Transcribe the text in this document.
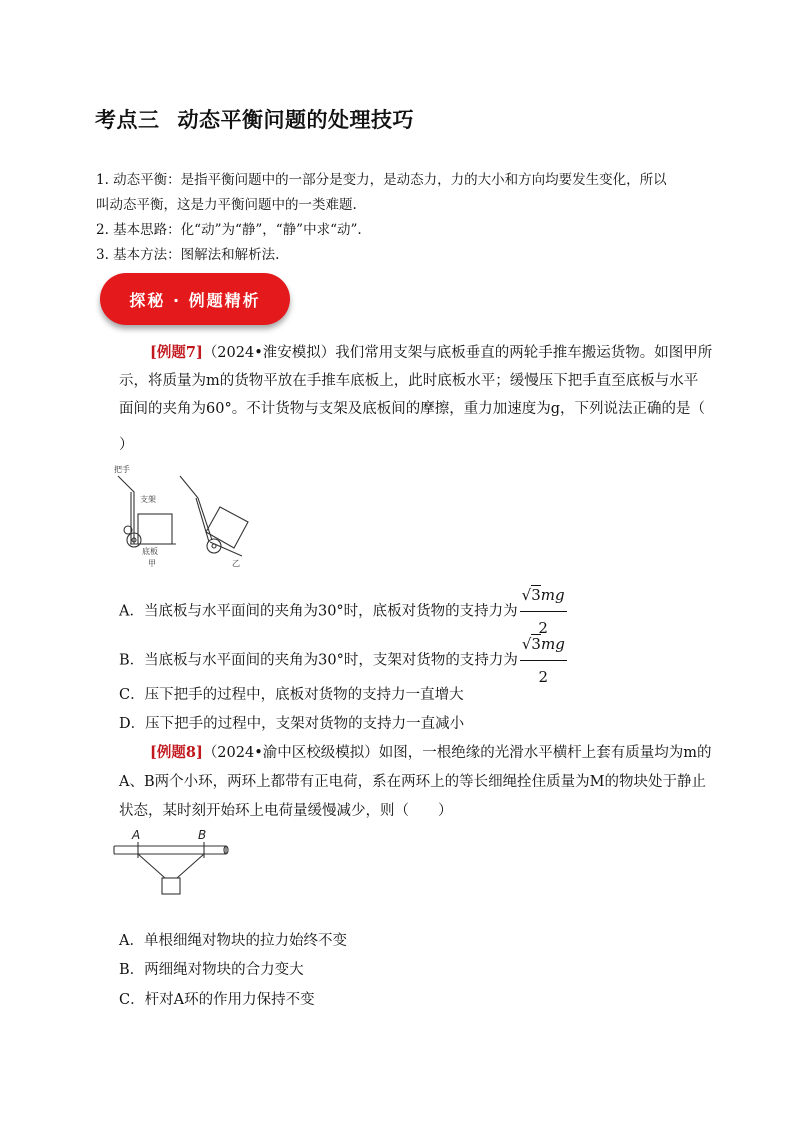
考点三 动态平衡问题的处理技巧
1. 动态平衡：是指平衡问题中的一部分是变力，是动态力，力的大小和方向均要发生变化，所以
叫动态平衡，这是力平衡问题中的一类难题.
2. 基本思路：化“动”为“静”，“静”中求“动”.
3. 基本方法：图解法和解析法.
探秘 · 例题精析
[例题7]（2024•淮安模拟）我们常用支架与底板垂直的两轮手推车搬运货物。如图甲所
示，将质量为m的货物平放在手推车底板上，此时底板水平；缓慢压下把手直至底板与水平
面间的夹角为60°。不计货物与支架及底板间的摩擦，重力加速度为g，下列说法正确的是（
）
把手
支架
底板
甲	乙
A．当底板与水平面间的夹角为30°时，底板对货物的支持力为 $\frac{√3mg}{2}$
B．当底板与水平面间的夹角为30°时，支架对货物的支持力为 $\frac{√3mg}{2}$
C．压下把手的过程中，底板对货物的支持力一直增大
D．压下把手的过程中，支架对货物的支持力一直减小
[例题8]（2024•渝中区校级模拟）如图，一根绝缘的光滑水平横杆上套有质量均为m的
A、B两个小环，两环上都带有正电荷，系在两环上的等长细绳拴住质量为M的物块处于静止
状态，某时刻开始环上电荷量缓慢减少，则（　　）
A	B
A．单根细绳对物块的拉力始终不变
B．两细绳对物块的合力变大
C．杆对A环的作用力保持不变
